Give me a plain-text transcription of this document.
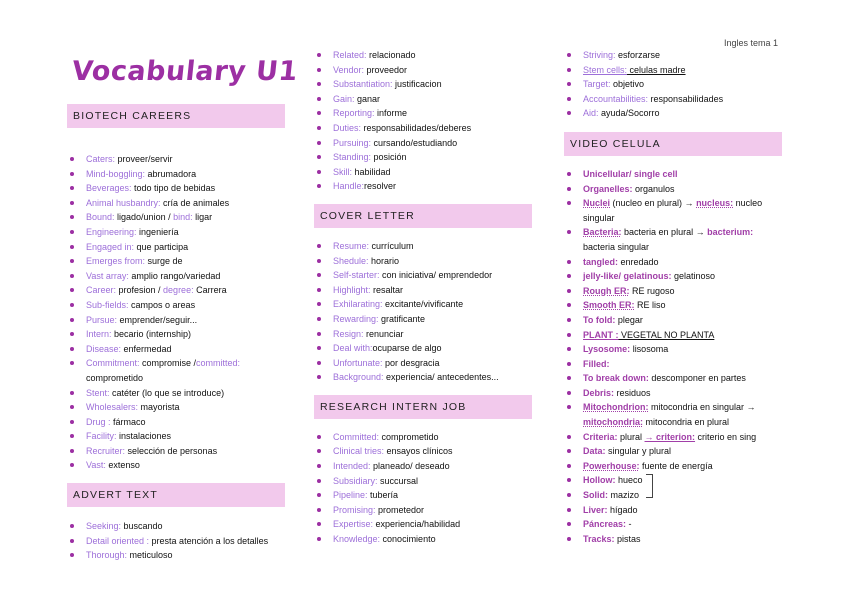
Ingles tema 1
Vocabulary U1
BIOTECH CAREERS
Caters: proveer/servir
Mind-boggling: abrumadora
Beverages: todo tipo de bebidas
Animal husbandry: cría de animales
Bound: ligado/union / bind: ligar
Engineering: ingeniería
Engaged in: que participa
Emerges from: surge de
Vast array: amplio rango/variedad
Career: profesion / degree: Carrera
Sub-fields: campos o areas
Pursue: emprender/seguir...
Intern: becario (internship)
Disease: enfermedad
Commitment: compromise /committed: comprometido
Stent: catéter (lo que se introduce)
Wholesalers: mayorista
Drug : fármaco
Facility: instalaciones
Recruiter: selección de personas
Vast: extenso
ADVERT TEXT
Seeking: buscando
Detail oriented : presta atención a los detalles
Thorough: meticuloso
Related: relacionado
Vendor: proveedor
Substantiation: justificacion
Gain: ganar
Reporting: informe
Duties: responsabilidades/deberes
Pursuing: cursando/estudiando
Standing: posición
Skill: habilidad
Handle:resolver
COVER LETTER
Resume: currículum
Shedule: horario
Self-starter: con iniciativa/ emprendedor
Highlight: resaltar
Exhilarating: excitante/vivificante
Rewarding: gratificante
Resign: renunciar
Deal with:ocuparse de algo
Unfortunate: por desgracia
Background: experiencia/ antecedentes...
RESEARCH INTERN JOB
Committed: comprometido
Clinical tries: ensayos clínicos
Intended: planeado/ deseado
Subsidiary: succursal
Pipeline: tubería
Promising: prometedor
Expertise: experiencia/habilidad
Knowledge: conocimiento
Striving: esforzarse
Stem cells: celulas madre
Target: objetivo
Accountabilities: responsabilidades
Aid: ayuda/Socorro
VIDEO CELULA
Unicellular/ single cell
Organelles: organulos
Nuclei (nucleo en plural) → nucleus: nucleo singular
Bacteria: bacteria en plural → bacterium: bacteria singular
tangled: enredado
jelly-like/ gelatinous: gelatinoso
Rough ER: RE rugoso
Smooth ER: RE liso
To fold: plegar
PLANT : VEGETAL NO PLANTA
Lysosome: lisosoma
Filled:
To break down: descomponer en partes
Debris: residuos
Mitochondrion: mitocondria en singular → mitochondria: mitocondria en plural
Criteria: plural → criterion: criterio en sing
Data: singular y plural
Powerhouse: fuente de energía
Hollow: hueco
Solid: mazizo
Liver: hígado
Páncreas: -
Tracks: pistas
